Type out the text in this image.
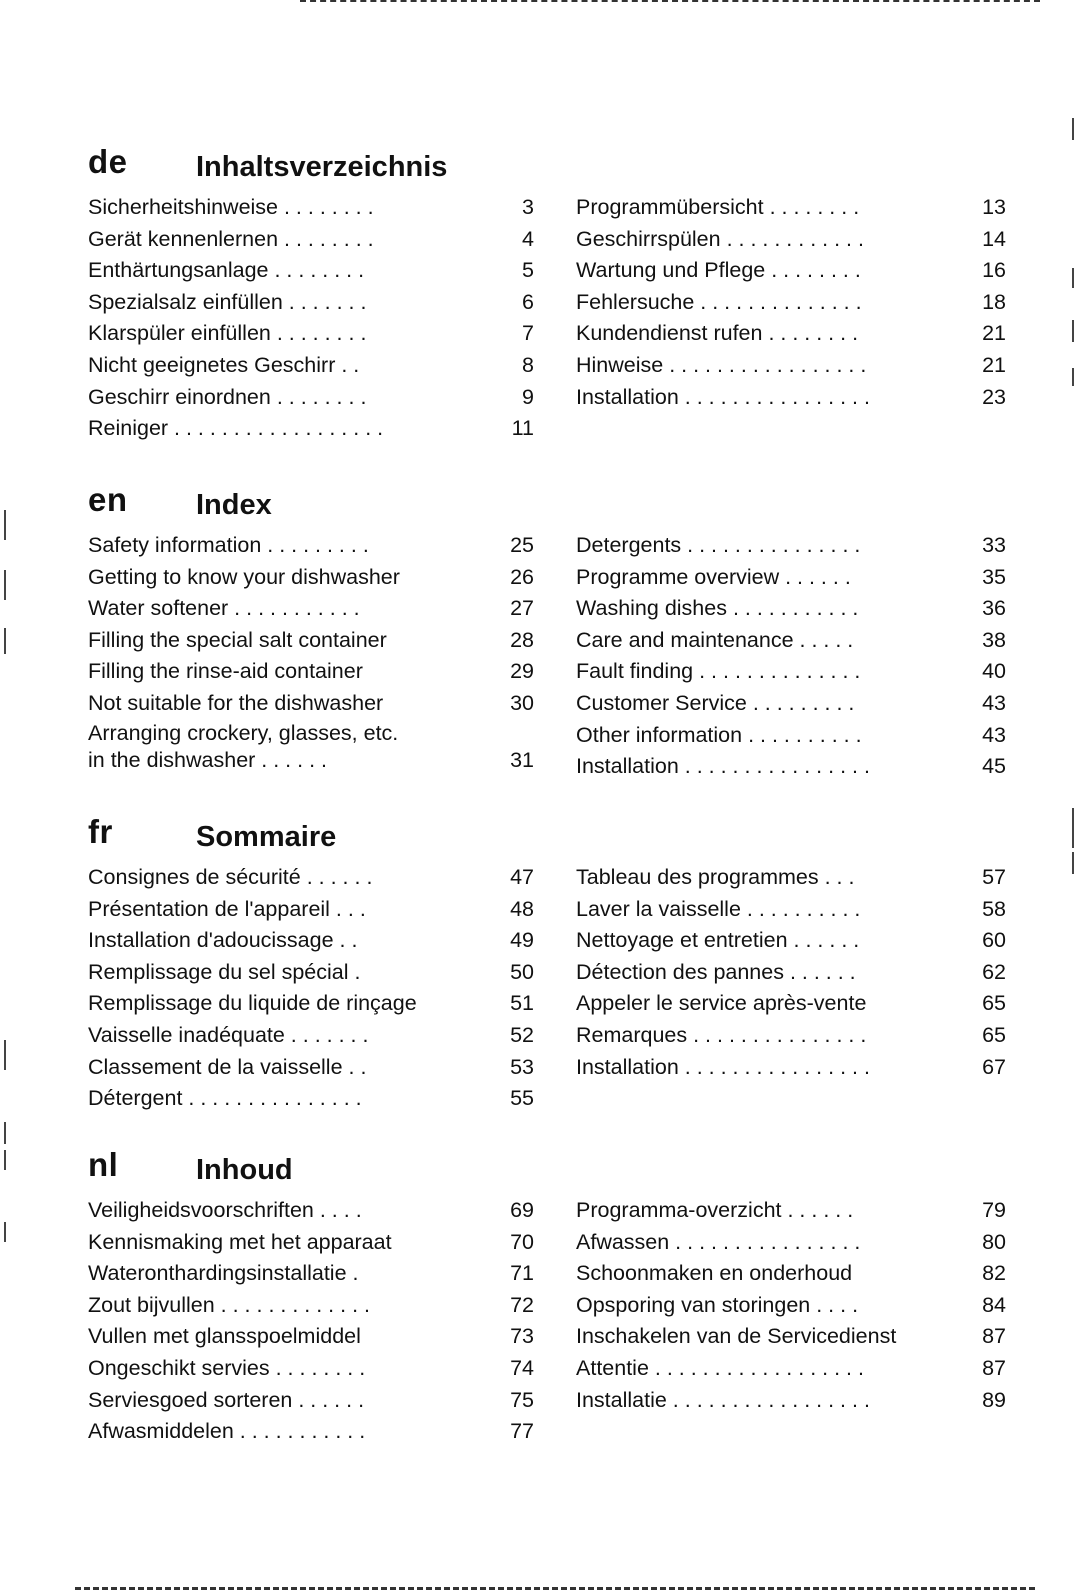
de Inhaltsverzeichnis
Sicherheitshinweise . . . . . . . .	3
Gerät kennenlernen . . . . . . . .	4
Enthärtungsanlage . . . . . . . .	5
Spezialsalz einfüllen . . . . . . .	6
Klarspüler einfüllen . . . . . . . .	7
Nicht geeignetes Geschirr . .	8
Geschirr einordnen . . . . . . . .	9
Reiniger . . . . . . . . . . . . . . . . . .	11
Programmübersicht . . . . . . . .	13
Geschirrspülen . . . . . . . . . . . .	14
Wartung und Pflege . . . . . . . .	16
Fehlersuche . . . . . . . . . . . . . .	18
Kundendienst rufen . . . . . . . .	21
Hinweise . . . . . . . . . . . . . . . . .	21
Installation . . . . . . . . . . . . . . . .	23
en Index
Safety information . . . . . . . . .	25
Getting to know your dishwasher	26
Water softener . . . . . . . . . . .	27
Filling the special salt container	28
Filling the rinse-aid container	29
Not suitable for the dishwasher	30
Arranging crockery, glasses, etc. in the dishwasher . . . . . .	31
Detergents . . . . . . . . . . . . . . .	33
Programme overview . . . . . .	35
Washing dishes . . . . . . . . . . .	36
Care and maintenance . . . . .	38
Fault finding . . . . . . . . . . . . . .	40
Customer Service . . . . . . . . .	43
Other information . . . . . . . . . .	43
Installation . . . . . . . . . . . . . . . .	45
fr	Sommaire
Consignes de sécurité . . . . . .	47
Présentation de l'appareil . . .	48
Installation d'adoucissage . .	49
Remplissage du sel spécial .	50
Remplissage du liquide de rinçage	51
Vaisselle inadéquate . . . . . . .	52
Classement de la vaisselle . .	53
Détergent . . . . . . . . . . . . . . .	55
Tableau des programmes . . .	57
Laver la vaisselle . . . . . . . . . .	58
Nettoyage et entretien . . . . . .	60
Détection des pannes . . . . . .	62
Appeler le service après-vente	65
Remarques . . . . . . . . . . . . . . .	65
Installation . . . . . . . . . . . . . . . .	67
nl	Inhoud
Veiligheidsvoorschriften . . . .	69
Kennismaking met het apparaat	70
Wateronthardingsinstallatie .	71
Zout bijvullen . . . . . . . . . . . . .	72
Vullen met glansspoelmiddel	73
Ongeschikt servies . . . . . . . .	74
Serviesgoed sorteren . . . . . .	75
Afwasmiddelen . . . . . . . . . . .	77
Programma-overzicht . . . . . .	79
Afwassen . . . . . . . . . . . . . . . .	80
Schoonmaken en onderhoud	82
Opsporing van storingen . . . .	84
Inschakelen van de Servicedienst	87
Attentie . . . . . . . . . . . . . . . . . .	87
Installatie . . . . . . . . . . . . . . . . .	89
